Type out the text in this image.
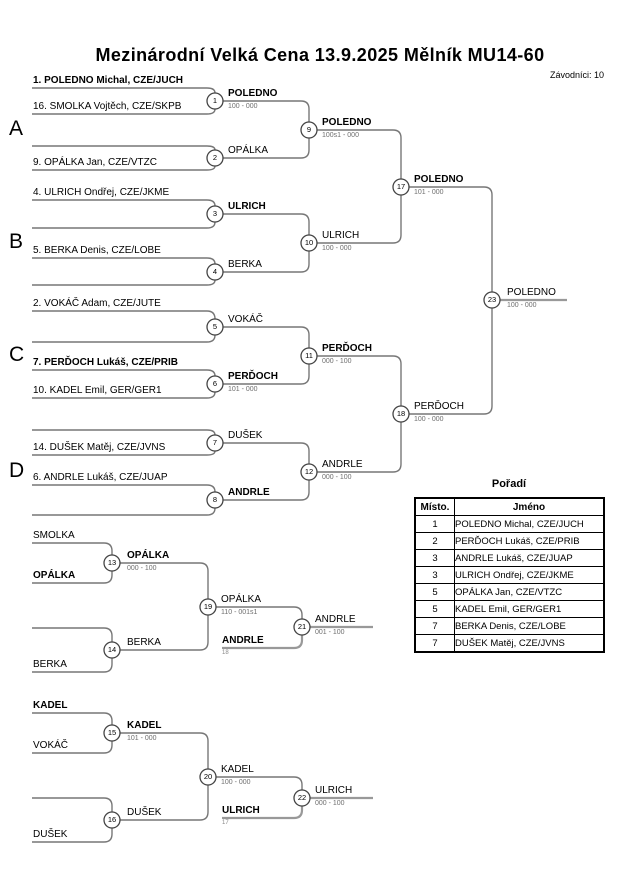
Mezinárodní Velká Cena 13.9.2025 Mělník MU14-60
Závodníci: 10
A
B
C
D
1. POLEDNO Michal, CZE/JUCH
16. SMOLKA Vojtěch, CZE/SKPB
9. OPÁLKA Jan, CZE/VTZC
4. ULRICH Ondřej, CZE/JKME
5. BERKA Denis, CZE/LOBE
2. VOKÁČ Adam, CZE/JUTE
7. PERĎOCH Lukáš, CZE/PRIB
10. KADEL Emil, GER/GER1
14. DUŠEK Matěj, CZE/JVNS
6. ANDRLE Lukáš, CZE/JUAP
1
2
3
4
5
6
7
8
9
10
11
12
17
18
23
13
14
19
21
15
16
20
22
POLEDNO
100 - 000
OPÁLKA
ULRICH
BERKA
VOKÁČ
PERĎOCH
101 - 000
DUŠEK
ANDRLE
POLEDNO
100s1 - 000
ULRICH
100 - 000
PERĎOCH
000 - 100
ANDRLE
000 - 100
POLEDNO
101 - 000
PERĎOCH
100 - 000
POLEDNO
100 - 000
SMOLKA
OPÁLKA
BERKA
OPÁLKA
000 - 100
BERKA
OPÁLKA
110 - 001s1
ANDRLE
18
ANDRLE
001 - 100
KADEL
VOKÁČ
DUŠEK
KADEL
101 - 000
DUŠEK
KADEL
100 - 000
ULRICH
17
ULRICH
000 - 100
Pořadí
Místo.	Jméno
1	POLEDNO Michal, CZE/JUCH
2	PERĎOCH Lukáš, CZE/PRIB
3	ANDRLE Lukáš, CZE/JUAP
3	ULRICH Ondřej, CZE/JKME
5	OPÁLKA Jan, CZE/VTZC
5	KADEL Emil, GER/GER1
7	BERKA Denis, CZE/LOBE
7	DUŠEK Matěj, CZE/JVNS
